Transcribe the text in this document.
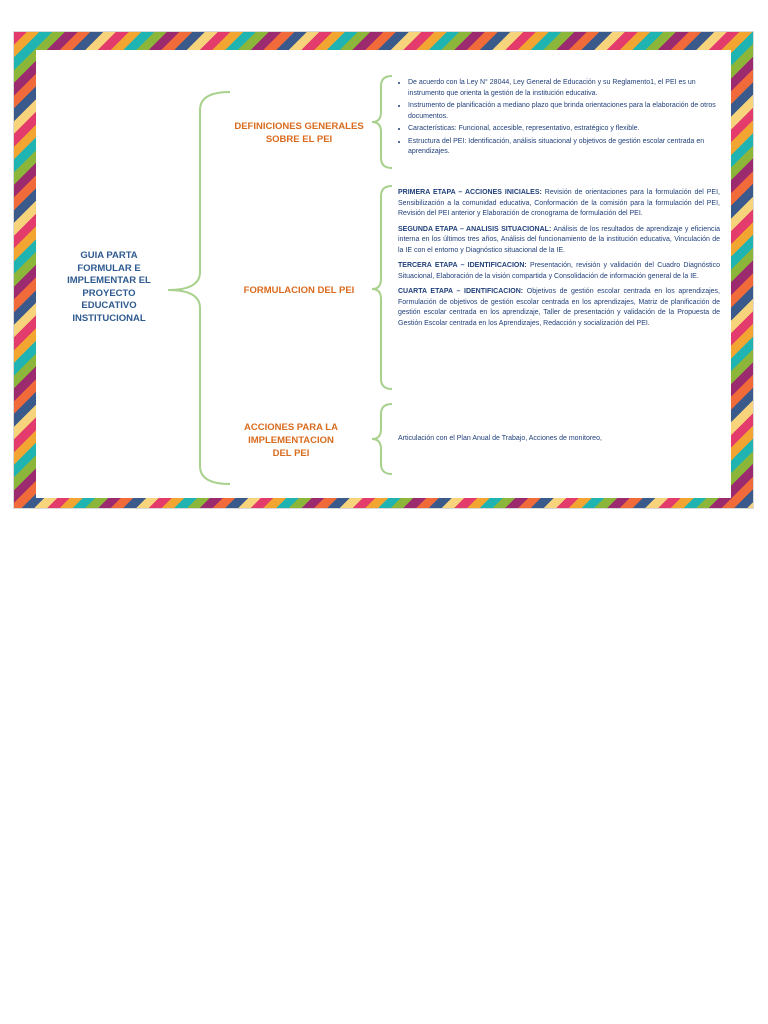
GUIA PARTA
FORMULAR E
IMPLEMENTAR EL
PROYECTO
EDUCATIVO
INSTITUCIONAL
DEFINICIONES GENERALES
SOBRE EL PEI
FORMULACION DEL PEI
ACCIONES PARA LA
IMPLEMENTACION
DEL PEI
• De acuerdo con la Ley N° 28044, Ley General de Educación y su Reglamento1, el PEI es un instrumento que orienta la gestión de la institución educativa.
• Instrumento de planificación a mediano plazo que brinda orientaciones para la elaboración de otros documentos.
• Características: Funcional, accesible, representativo, estratégico y flexible.
• Estructura del PEI: Identificación, análisis situacional y objetivos de gestión escolar centrada en aprendizajes.

PRIMERA ETAPA – ACCIONES INICIALES: Revisión de orientaciones para la formulación del PEI, Sensibilización a la comunidad educativa, Conformación de la comisión para la formulación del PEI, Revisión del PEI anterior y Elaboración de cronograma de formulación del PEI.

SEGUNDA ETAPA – ANALISIS SITUACIONAL: Análisis de los resultados de aprendizaje y eficiencia interna en los últimos tres años, Análisis del funcionamiento de la institución educativa, Vinculación de la IE con el entorno y Diagnóstico situacional de la IE.

TERCERA ETAPA – IDENTIFICACION: Presentación, revisión y validación del Cuadro Diagnóstico Situacional, Elaboración de la visión compartida y Consolidación de información general de la IE.

CUARTA ETAPA – IDENTIFICACION: Objetivos de gestión escolar centrada en los aprendizajes, Formulación de objetivos de gestión escolar centrada en los aprendizajes, Matriz de planificación de gestión escolar centrada en los aprendizaje, Taller de presentación y validación de la Propuesta de Gestión Escolar centrada en los Aprendizajes, Redacción y socialización del PEI.

Articulación con el Plan Anual de Trabajo, Acciones de monitoreo,
